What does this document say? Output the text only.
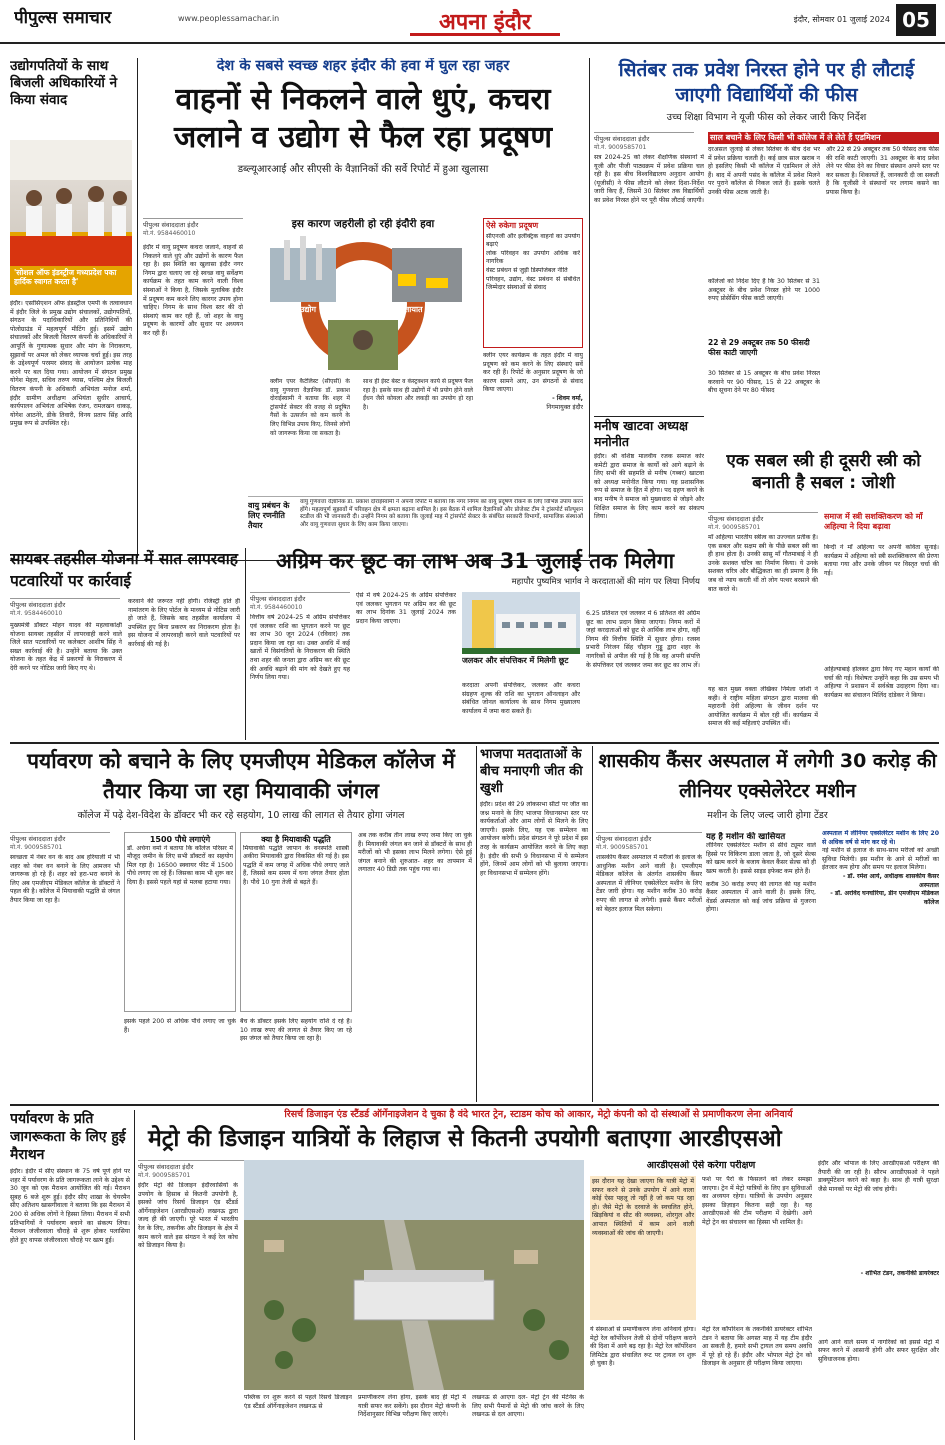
पीपुल्स समाचार	www.peoplessamachar.in	अपना इंदौर	इंदौर, सोमवार 01 जुलाई 2024 05
उद्योगपतियों के साथ बिजली अधिकारियों ने किया संवाद
'सोशल ऑफ इंडस्ट्रीज मध्यप्रदेश पका हार्दिक स्वागत करता है'
इंदौर। एसोसिएशन ऑफ इंडस्ट्रीज एमपी के तत्वावधान में इंदौर जिले के प्रमुख उद्योग संचालकों, उद्योगपतियों, संगठन के पदाधिकारियों और प्रतिनिधियों की पोलोग्राउंड में महत्वपूर्ण मीटिंग हुई। इसमें उद्योग संचालकों और बिजली वितरण कंपनी के अधिकारियों ने आपूर्ति के गुणात्मक सुधार और मांग के निराकरण, सुझावों पर अमल को लेकर व्यापक चर्चा हुई। इस तरह के उद्देश्यपूर्ण परस्पर संवाद के आयोजन प्रत्येक माह करने पर बल दिया गया। आयोजन में संगठन प्रमुख योगेश मेहता, सचिव तरुण व्यास, पश्चिम क्षेत्र बिजली वितरण कंपनी के अधिकारी अभियंता मनोज शर्मा, इंदौर ग्रामीण अधीक्षण अभियंता सुधीर आचार्य, कार्यपालन अभियंता अभिषेक रंजन, रामलखन धाकड़, योगेश आठनेरे, डीके तिवारी, विनय प्रताप सिंह आदि प्रमुख रूप से उपस्थित रहे।
देश के सबसे स्वच्छ शहर इंदौर की हवा में घुल रहा जहर
वाहनों से निकलने वाले धुएं, कचरा जलाने व उद्योग से फैल रहा प्रदूषण
डब्ल्यूआरआई और सीएसी के वैज्ञानिकों की सर्वे रिपोर्ट में हुआ खुलासा
पीपुल्स संवाददाता इंदौर
मो.नं. 9584460010
इस कारण जहरीली हो रही इंदौरी हवा
उद्योग	यातायात
कचरा जलाना
क्लीन एयर कैटेलिस्ट (सीएसी) के वायु गुणवत्ता वैज्ञानिक डॉ. प्रकाश दोराईस्वामी ने बताया कि शहर में ट्रांसपोर्ट सेक्टर की वजह से प्रदूषित गैसों के उत्सर्जन को कम करने के लिए विभिन्न उपाय किए, जिनसे लोगों को जागरूक किया जा सकता है।
साथ ही ईस्ट बेस्ट व कंस्ट्रक्शन कार्य से प्रदूषण फैल रहा है। इसके साथ ही उद्योगों में भी प्रयोग होने वाले ईंधन जैसे कोयला और लकड़ी का उपयोग हो रहा है।
ऐसे रुकेगा प्रदूषण
सीएनजी और इलेक्ट्रिक वाहनों का उपयोग बढ़ाएं
लोक परिवहन का उपयोग अधिक करें नागरिक
वेस्ट प्रबंधन से जुड़ी डिस्पोजेबल नीति
परिवहन, उद्योग, वेस्ट प्रबंधन से संबंधित जिम्मेदार संस्थाओं से संवाद
इंदौर में वायु प्रदूषण कचरा जलाने, वाहनों से निकलने वाले धुएं और उद्योगों के कारण फैल रहा है। इस स्थिति का खुलासा इंदौर नगर निगम द्वारा चलाए जा रहे स्वच्छ वायु सर्वेक्षण कार्यक्रम के तहत काम करने वाली विश्व संस्थाओं ने किया है, जिसके मुताबिक इंदौर में प्रदूषण कम करने लिए कारगर उपाय होना चाहिए। निगम के साथ विश्व स्तर की दो संस्थाएं काम कर रही हैं, जो शहर के वायु प्रदूषण के कारणों और सुधार पर अध्ययन कर रही हैं।
क्लीन एयर कार्यक्रम के तहत इंदौर में वायु प्रदूषण को कम करने के लिए संस्थाएं सर्वे कर रही हैं। रिपोर्ट के अनुसार प्रदूषण के जो कारण सामने आए, उन संगठनों से संवाद किया जाएगा।
- शिवम वर्मा,
निगमायुक्त इंदौर
वायु प्रबंधन के लिए रणनीति तैयार
वायु गुणवत्ता वैज्ञानिक डॉ. प्रकाश दोराईस्वामी ने अपनी रिपोर्ट में बताया कि नगर निगम को वायु प्रदूषण रोकने के लिए विभिन्न उपाय करने होंगे। महत्वपूर्ण सुझावों में परिवहन क्षेत्र में क्षमता बढ़ाना शामिल है। इस बैठक में शामिल वैज्ञानिकों और प्रोजेक्ट टीम ने ट्रांसपोर्ट सॉल्यूशन स्टडीज की भी जानकारी दी। उन्होंने निगम को बताया कि जुलाई माह में ट्रांसपोर्ट सेक्टर के संबंधित सरकारी विभागों, सामाजिक संस्थाओं और वायु गुणवत्ता सुधार के लिए काम किया जाएगा।
सितंबर तक प्रवेश निरस्त होने पर ही लौटाई जाएगी विद्यार्थियों की फीस
उच्च शिक्षा विभाग ने यूजी फीस को लेकर जारी किए निर्देश
पीपुल्स संवाददाता इंदौर
मो.नं. 9009585701
सत्र 2024-25 को लेकर शैक्षणिक संस्थानों में यूजी और पीजी पाठ्यक्रम में प्रवेश प्रक्रिया चल रही है। इस बीच विश्वविद्यालय अनुदान आयोग (यूजीसी) ने फीस लौटाने को लेकर दिशा-निर्देश जारी किए हैं, जिसमें 30 सितंबर तक विद्यार्थियों का प्रवेश निरस्त होने पर पूरी फीस लौटाई जाएगी।
साल बचाने के लिए किसी भी कॉलेज में ले लेते हैं एडमिशन
दरअसल जुलाई से लेकर सितंबर के बीच देश भर में प्रवेश प्रक्रिया चलती है। कई छात्र साल खराब न हो इसलिए किसी भी कॉलेज में एडमिशन ले लेते हैं। बाद में अपनी पसंद के कॉलेज में प्रवेश मिलने पर पुराने कॉलेज से निकल जाते हैं। इसके चलते उनकी फीस अटक जाती है।
और 22 से 29 अक्टूबर तक 50 फीसद तक फीस की राशि काटी जाएगी। 31 अक्टूबर के बाद प्रवेश लेने पर फीस देने का विचार संस्थान अपने स्तर पर कर सकता है। शिकायतें हैं, जानकारी दी जा सकती है कि यूजीसी ने संस्थानों पर लगाम कसने का प्रयास किया है।
कॉलेजों को निर्देश दिए हैं कि 30 सितंबर से 31 अक्टूबर के बीच प्रवेश निरस्त होने पर 1000 रुपए प्रोसेसिंग फीस काटी जाएगी।
22 से 29 अक्टूबर तक 50 फीसदी फीस काटी जाएगी
30 सितंबर से 15 अक्टूबर के बीच प्रवेश निरस्त करवाने पर 90 फीसद, 15 से 22 अक्टूबर के बीच सूचना देने पर 80 फीसद
मनीष खाटवा अध्यक्ष मनोनीत
इंदौर। श्री वशिष्ठ मालवीय रजक समाज कोर कमेटी द्वारा समाज के कार्यों को आगे बढ़ाने के लिए सभी की सहमति से मनीष (गब्बर) खाटवा को अध्यक्ष मनोनीत किया गया। यह प्रशासनिक रूप से समाज के हित में होगा। पद ग्रहण करने के बाद मनीष ने समाज को मुख्यधारा से जोड़ने और शिक्षित समाज के लिए काम करने का संकल्प लिया।
एक सबल स्त्री ही दूसरी स्त्री को बनाती है सबल : जोशी
पीपुल्स संवाददाता इंदौर
मो.नं. 9009585701
माँ अहिल्या भारतीय स्त्रीत्व का उज्ज्वल प्रतीक हैं। एक सबल और सक्षम स्त्री के पीछे सबल स्त्री का ही हाथ होता है। उनकी सासु माँ गौतमाबाई ने ही उनके सशक्त चरित्र का निर्माण किया। ये उनके सशक्त चरित्र और बौद्धिकता का ही प्रमाण है कि जब वो न्याय करती थीं तो लोग पत्थर बरसाने की बात करते थे।
यह बात मुख्य वक्ता लेखिका निर्मला जोशी ने कही। वे राष्ट्रीय महिला संगठन द्वारा मालवा की महारानी देवी अहिल्या के जीवन दर्शन पर आयोजित कार्यक्रम में बोल रही थीं। कार्यक्रम में समाज की कई महिलाएं उपस्थित थीं।
समाज में स्त्री सशक्तिकरण को माँ अहिल्या ने दिया बढ़ावा
बिन्दी ने माँ अहिल्या पर अपनी कविता सुनाई। कार्यक्रम में अहिल्या को स्त्री सशक्तिकरण की प्रेरणा बताया गया और उनके जीवन पर विस्तृत चर्चा की गई।
अहिल्याबाई होलकर द्वारा किए गए महान कार्यों की चर्चा की गई। विशेषतः उन्होंने कहा कि उस समय भी अहिल्या ने प्रशासन में सर्वश्रेष्ठ उदाहरण दिया था। कार्यक्रम का संचालन मिलिंद दांडेकर ने किया।
सायबर तहसील योजना में सात लापरवाह पटवारियों पर कार्रवाई
पीपुल्स संवाददाता इंदौर
मो.नं. 9584460010
मुख्यमंत्री डॉक्टर मोहन यादव की महत्वाकांक्षी योजना सायबर तहसील में लापरवाही करने वाले जिले सात पटवारियों पर कलेक्टर आशीष सिंह ने सख्त कार्रवाई की है। उन्होंने बताया कि उक्त योजना के तहत केंद्र में प्रकरणों के निराकरण में देरी करने पर नोटिस जारी किए गए थे।
करवाने की जरूरत नहीं होगी। रजिस्ट्री होते ही नामांतरण के लिए पोर्टल के माध्यम से नोटिस जारी हो जाते हैं, जिसके बाद तहसील कार्यालय में उपस्थित हुए बिना प्रकरण का निराकरण होता है। इस योजना में लापरवाही करने वाले पटवारियों पर कार्रवाई की गई है।
अग्रिम कर छूट का लाभ अब 31 जुलाई तक मिलेगा
महापौर पुष्यमित्र भार्गव ने करदाताओं की मांग पर लिया निर्णय
पीपुल्स संवाददाता इंदौर
मो.नं. 9584460010
वित्तीय वर्ष 2024-25 में अग्रिम संपत्तिकर एवं जलकर राशि का भुगतान करने पर छूट का लाभ 30 जून 2024 (रविवार) तक प्रदान किया जा रहा था। उक्त अवधि में कई खातों में विसंगतियों के निराकरण की स्थिति तथा शहर की जनता द्वारा अग्रिम कर की छूट की अवधि बढ़ाने की मांग को देखते हुए यह निर्णय लिया गया।
ऐसे में वर्ष 2024-25 के अग्रिम संपत्तिकर एवं जलकर भुगतान पर अग्रिम कर की छूट का लाभ दिनांक 31 जुलाई 2024 तक प्रदान किया जाएगा।
जलकर और संपत्तिकर में मिलेगी छूट
करदाता अपनी संपत्तिकर, जलकर और कचरा संग्रहण शुल्क की राशि का भुगतान ऑनलाइन और संबंधित जोनल कार्यालय के साथ निगम मुख्यालय कार्यालय में जमा करा सकते हैं।
6.25 प्रतिशत एवं जलकर में 6 प्रतिशत की अग्रिम छूट का लाभ प्रदान किया जाएगा। निगम करों में जहां करदाताओं को छूट से आर्थिक लाभ होगा, वहीं निगम की वित्तीय स्थिति में सुधार होगा। रजस्व प्रभारी निरंजन सिंह चौहान गुड्डू द्वारा शहर के नागरिकों से अपील की गई है कि वह अपनी संपत्ति के संपत्तिकर एवं जलकर जमा कर छूट का लाभ लें।
पर्यावरण को बचाने के लिए एमजीएम मेडिकल कॉलेज में तैयार किया जा रहा मियावाकी जंगल
कॉलेज में पढ़े देश-विदेश के डॉक्टर भी कर रहे सहयोग, 10 लाख की लागत से तैयार होगा जंगल
पीपुल्स संवाददाता इंदौर
मो.नं. 9009585701
स्वच्छता में नंबर वन के बाद अब हरियाली में भी शहर को नंबर वन बनाने के लिए आमजन भी जागरूक हो रहे हैं। शहर को हरा-भरा बनाने के लिए अब एमजीएम मेडिकल कॉलेज के डॉक्टरों ने पहल की है। कॉलेज में मियावाकी पद्धति से जंगल तैयार किया जा रहा है।
1500 पौधे लगाएंगे
डॉ. अर्चना वर्मा ने बताया कि कॉलेज परिसर में मौजूद जमीन के लिए सभी डॉक्टरों का सहयोग मिल रहा है। 16500 स्क्वायर फीट में 1500 पौधे लगाए जा रहे हैं। जिसका काम भी शुरू कर दिया है। इससे पहले यहां से मलबा हटाया गया।
क्या है मियावाकी पद्धति
मियावाकी पद्धति जापान के वनस्पति शास्त्री अकीरा मियावाकी द्वारा विकसित की गई है। इस पद्धति में कम जगह में अधिक पौधे लगाए जाते हैं, जिससे कम समय में घना जंगल तैयार होता है। पौधे 10 गुना तेजी से बढ़ते हैं।
इसके पहले 200 से अधिक पौधे लगाए जा चुके हैं।
बैच के डॉक्टर इसके लिए सहयोग राशि दे रहे हैं। 10 लाख रुपए की लागत से तैयार किए जा रहे इस जंगल को तैयार किया जा रहा है।
अब तक करीब तीन लाख रुपए जमा किए जा चुके हैं। मियावाकी जंगल बन जाने से डॉक्टरों के साथ ही मरीजों को भी इसका लाभ मिलने लगेगा। ऐसे हुई जंगल बनाने की शुरुआत- शहर का तापमान में लगातार 40 डिग्री तक पहुंच गया था।
भाजपा मतदाताओं के बीच मनाएगी जीत की खुशी
इंदौर। प्रदेश की 29 लोकसभा सीटों पर जीत का जश्न मनाने के लिए भाजपा विधानसभा स्तर पर कार्यकर्ताओं और आम लोगों से मिलने के लिए जाएगी। इसके लिए, यह एक सम्मेलन का आयोजन करेगी। प्रदेश संगठन ने पूरे प्रदेश में इस तरह के कार्यक्रम आयोजित करने के लिए कहा है। इंदौर की सभी 9 विधानसभा में ये सम्मेलन होंगे, जिनमें आम लोगों को भी बुलाया जाएगा। हर विधानसभा में सम्मेलन होंगे।
शासकीय कैंसर अस्पताल में लगेगी 30 करोड़ की लीनियर एक्सेलेरेटर मशीन
मशीन के लिए जल्द जारी होगा टेंडर
पीपुल्स संवाददाता इंदौर
मो.नं. 9009585701
शासकीय कैंसर अस्पताल में मरीजों के इलाज के आधुनिक मशीन आने वाली है। एमजीएम मेडिकल कॉलेज के अंतर्गत शासकीय कैंसर अस्पताल में लीनियर एक्सेलेरेटर मशीन के लिए टेंडर जारी होगा। यह मशीन करीब 30 करोड़ रुपए की लागत से लगेगी। इससे कैंसर मरीजों को बेहतर इलाज मिल सकेगा।
यह है मशीन की खासियत
लीनियर एक्सेलेरेटर मशीन से सीधे ट्यूमर वाले हिस्से पर विकिरण डाला जाता है, जो दूसरे सेल्स को खत्म करने के बजाय केवल कैंसर सेल्स को ही खत्म करती है। इससे साइड इफेक्ट कम होते हैं।
करीब 30 करोड़ रुपए की लागत की यह मशीन कैंसर अस्पताल में आने वाली है। इसके लिए, वेंडर्स अस्पताल को कई जांच प्रक्रिया से गुजरना होगा।
अस्पताल में लीनियर एक्सेलेरेटर मशीन के लिए 20 से अधिक वर्ष से मांग कर रहे थे।
नई मशीन से इलाज के साथ-साथ मरीजों को अच्छी सुविधा मिलेगी। इस मशीन के आने से मरीजों का इंतजार कम होगा और समय पर इलाज मिलेगा।
- डॉ. रमेश आर्य, अधीक्षक शासकीय कैंसर अस्पताल
- डॉ. अरविंद घनघोरिया, डीन एमजीएम मेडिकल कॉलेज
पर्यावरण के प्रति जागरूकता के लिए हुई मैराथन
इंदौर। इंदौर में सीए संस्थान के 75 वर्ष पूर्ण होने पर शहर में पर्यावरण के प्रति जागरूकता लाने के उद्देश्य से 30 जून को एक मैराथन आयोजित की गई। मैराथन सुबह 6 बजे शुरू हुई। इंदौर सीए शाखा के चेयरमैन सीए अतिशय खासगीवाला ने बताया कि इस मैराथन में 200 से अधिक लोगों ने हिस्सा लिया। मैराथन में सभी प्रतिभागियों ने पर्यावरण बचाने का संकल्प लिया। मैराथन जंजीरवाला चौराहे से शुरू होकर पलासिया होते हुए वापस जंजीरवाला चौराहे पर खत्म हुई।
रिसर्च डिजाइन एंड स्टैंडर्ड ऑर्गेनाइजेशन दे चुका है वंदे भारत ट्रेन, स्टाडम कोच को आकार, मेट्रो कंपनी को दो संस्थाओं से प्रमाणीकरण लेना अनिवार्य
मेट्रो की डिजाइन यात्रियों के लिहाज से कितनी उपयोगी बताएगा आरडीएसओ
पीपुल्स संवाददाता इंदौर
मो.नं. 9009585701
इंदौर मेट्रो की डिजाइन इंदौरवासियों के उपयोग के हिसाब से कितनी उपयोगी है, इसको जांच रिसर्च डिजाइन एंड स्टैंडर्ड ऑर्गेनाइजेशन (आरडीएसओ) लखनऊ द्वारा जल्द ही की जाएगी। पूरे भारत में भारतीय रेल के लिए, तकनीक और डिजाइन के क्षेत्र में काम करने वाले इस संगठन ने कई रेल कोच को डिजाइन किया है।
पब्लिक रन शुरू करने से पहले रिसर्च डिजाइन एंड स्टैंडर्ड ऑर्गेनाइजेशन लखनऊ से
प्रमाणीकरण लेना होगा, इसके बाद ही मेट्रो में यात्री सफर कर सकेंगे। इस दौरान मेट्रो कंपनी के निर्देशानुसार विभिन्न परीक्षण किए जाएंगे।
लखनऊ से आएगा दल- मेट्रो ट्रेन की मेंटेनेंस के लिए सभी पैमानों से मेट्रो की जांच करने के लिए लखनऊ से दल आएगा।
आरडीएसओ ऐसे करेगा परीक्षण
इस दौरान यह देखा जाएगा कि यात्री मेट्रो में सफर करने से उनके उपयोग में आने वाला कोई ऐसा पहलू तो नहीं है जो कम पड़ रहा हो। जैसे मेट्रो के दरवाजे के स्वचलित होने, खिड़कियां व सीट की व्यवस्था, शोरगुल और आपात स्थितियों में काम आने वाली व्यवस्थाओं की जांच की जाएगी।
फर्श पर पैरों के फिसलने को लेकर समझा जाएगा। ट्रेन में मेट्रो यात्रियों के लिए इन सुविधाओं का अध्ययन रहेगा। यात्रियों के उपयोग अनुसार इसका डिज़ाइन कितना सही रहा है। यह आरडीएसओ की टीम परीक्षण में देखेगी। आगे मेट्रो ट्रेन का संचालन का हिस्सा भी शामिल है।
ये संस्थाओं से प्रमाणीकरण लेना अनिवार्य होगा। मेट्रो रेल कॉर्पोरेशन तेजी से दोनों परीक्षण कराने की दिशा में आगे बढ़ रहा है। मेट्रो रेल कॉर्पोरेशन लिमिटेड द्वारा संचालित रूट पर ट्रायल रन शुरू हो चुका है।
मेट्रो रेल कॉर्पोरेशन के तकनीकी डायरेक्टर शोभित टंडन ने बताया कि अगस्त माह में यह टीम इंदौर आ सकती है, हमारे सभी ट्रायल तय समय अवधि में पूरे हो रहे हैं। इंदौर और भोपाल मेट्रो ट्रेन को डिजाइन के अनुसार ही परीक्षण किया जाएगा।
इंदौर और भोपाल के लिए आरडीएसओ परीक्षण की तैयारी की जा रही है। सौरभ आरडीएसओ ने पहले डाक्यूमेंटेशन करने को कहा है। साथ ही यात्री सुरक्षा जैसे मानकों पर मेट्रो की जांच होगी।
- शोभित टंडन, तकनीकी डायरेक्टर
आगे आने वाले समय में नागरिकों को इससे मेट्रो में सफर करने में आसानी होगी और सफर सुरक्षित और सुविधाजनक होगा।
